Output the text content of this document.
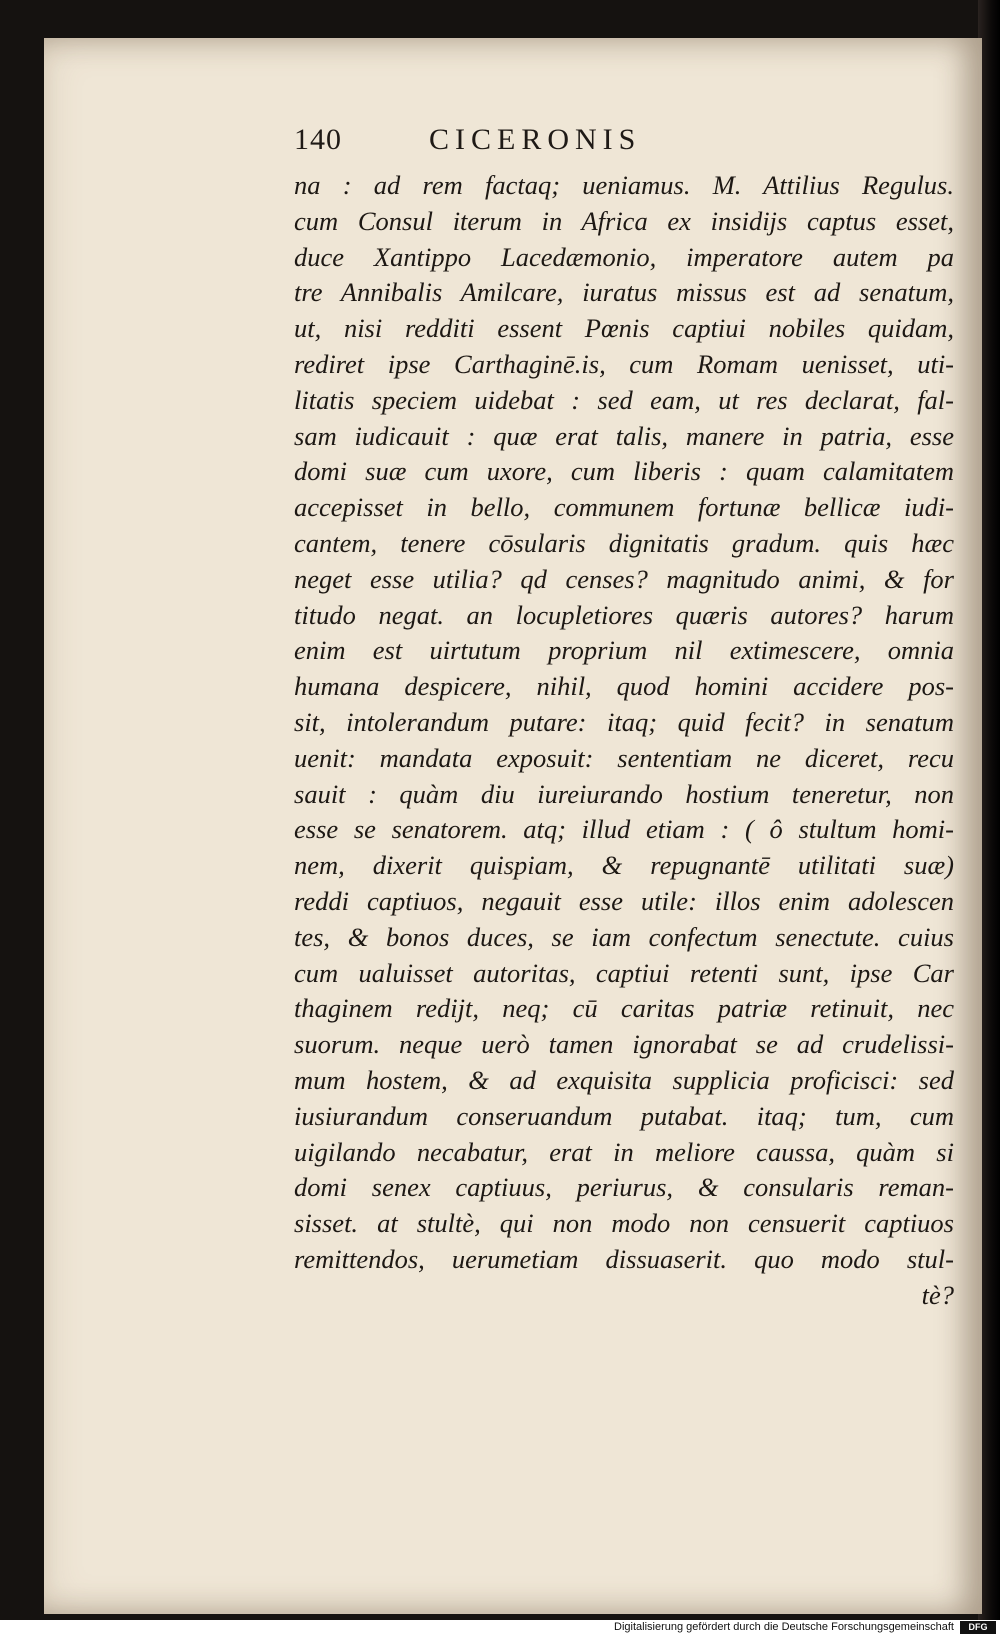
140	CICERONIS
na : ad rem factaq; ueniamus. M. Attilius Regulus.
cum Consul iterum in Africa ex insidijs captus esset,
duce Xantippo Lacedæmonio, imperatore autem pa
tre Annibalis Amilcare, iuratus missus est ad senatum,
ut, nisi redditi essent Pœnis captiui nobiles quidam,
rediret ipse Carthaginē.is, cum Romam uenisset, uti-
litatis speciem uidebat : sed eam, ut res declarat, fal-
sam iudicauit : quæ erat talis, manere in patria, esse
domi suæ cum uxore, cum liberis : quam calamitatem
accepisset in bello, communem fortunæ bellicæ iudi-
cantem, tenere cōsularis dignitatis gradum. quis hæc
neget esse utilia? qd censes? magnitudo animi, & for
titudo negat. an locupletiores quæris autores? harum
enim est uirtutum proprium nil extimescere, omnia
humana despicere, nihil, quod homini accidere pos-
sit, intolerandum putare: itaq; quid fecit? in senatum
uenit: mandata exposuit: sententiam ne diceret, recu
sauit : quàm diu iureiurando hostium teneretur, non
esse se senatorem. atq; illud etiam : ( ô stultum homi-
nem, dixerit quispiam, & repugnantē utilitati suæ)
reddi captiuos, negauit esse utile: illos enim adolescen
tes, & bonos duces, se iam confectum senectute. cuius
cum ualuisset autoritas, captiui retenti sunt, ipse Car
thaginem redijt, neq; cū caritas patriæ retinuit, nec
suorum. neque uerò tamen ignorabat se ad crudelissi-
mum hostem, & ad exquisita supplicia proficisci: sed
iusiurandum conseruandum putabat. itaq; tum, cum
uigilando necabatur, erat in meliore caussa, quàm si
domi senex captiuus, periurus, & consularis reman-
sisset. at stultè, qui non modo non censuerit captiuos
remittendos, uerumetiam dissuaserit. quo modo stul-
tè?
Digitalisierung gefördert durch die Deutsche Forschungsgemeinschaft	DFG
